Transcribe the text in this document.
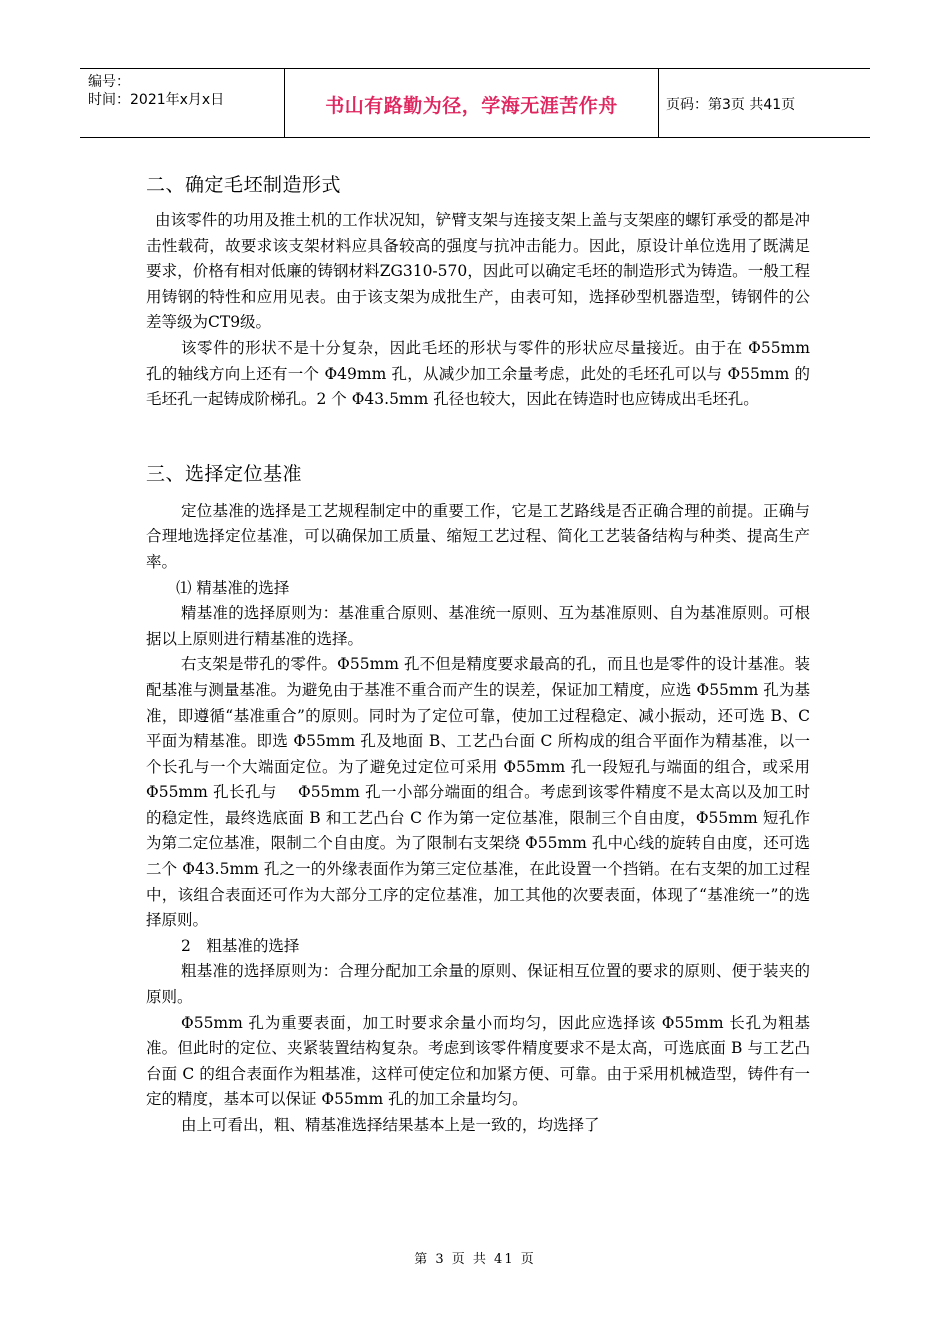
编号：
时间：2021年x月x日	书山有路勤为径，学海无涯苦作舟	页码：第3页 共41页
二、确定毛坯制造形式

由该零件的功用及推土机的工作状况知，铲臂支架与连接支架上盖与支架座的螺钉承受的都是冲击性载荷，故要求该支架材料应具备较高的强度与抗冲击能力。因此，原设计单位选用了既满足要求，价格有相对低廉的铸钢材料ZG310-570，因此可以确定毛坯的制造形式为铸造。一般工程用铸钢的特性和应用见表。由于该支架为成批生产，由表可知，选择砂型机器造型，铸钢件的公差等级为CT9级。

该零件的形状不是十分复杂，因此毛坯的形状与零件的形状应尽量接近。由于在 Φ55mm 孔的轴线方向上还有一个 Φ49mm 孔，从减少加工余量考虑，此处的毛坯孔可以与 Φ55mm 的毛坯孔一起铸成阶梯孔。2 个 Φ43.5mm 孔径也较大，因此在铸造时也应铸成出毛坯孔。

三、选择定位基准

定位基准的选择是工艺规程制定中的重要工作，它是工艺路线是否正确合理的前提。正确与合理地选择定位基准，可以确保加工质量、缩短工艺过程、简化工艺装备结构与种类、提高生产率。

⑴ 精基准的选择

精基准的选择原则为：基准重合原则、基准统一原则、互为基准原则、自为基准原则。可根据以上原则进行精基准的选择。

右支架是带孔的零件。Φ55mm 孔不但是精度要求最高的孔，而且也是零件的设计基准。装配基准与测量基准。为避免由于基准不重合而产生的误差，保证加工精度，应选 Φ55mm 孔为基准，即遵循“基准重合”的原则。同时为了定位可靠，使加工过程稳定、减小振动，还可选 B、C 平面为精基准。即选 Φ55mm 孔及地面 B、工艺凸台面 C 所构成的组合平面作为精基准，以一个长孔与一个大端面定位。为了避免过定位可采用 Φ55mm 孔一段短孔与端面的组合，或采用 Φ55mm 孔长孔与　 Φ55mm 孔一小部分端面的组合。考虑到该零件精度不是太高以及加工时的稳定性，最终选底面 B 和工艺凸台 C 作为第一定位基准，限制三个自由度，Φ55mm 短孔作为第二定位基准，限制二个自由度。为了限制右支架绕 Φ55mm 孔中心线的旋转自由度，还可选二个 Φ43.5mm 孔之一的外缘表面作为第三定位基准，在此设置一个挡销。在右支架的加工过程中，该组合表面还可作为大部分工序的定位基准，加工其他的次要表面，体现了“基准统一”的选择原则。

2　粗基准的选择

粗基准的选择原则为：合理分配加工余量的原则、保证相互位置的要求的原则、便于装夹的原则。

Φ55mm 孔为重要表面，加工时要求余量小而均匀，因此应选择该 Φ55mm 长孔为粗基准。但此时的定位、夹紧装置结构复杂。考虑到该零件精度要求不是太高，可选底面 B 与工艺凸台面 C 的组合表面作为粗基准，这样可使定位和加紧方便、可靠。由于采用机械造型，铸件有一定的精度，基本可以保证 Φ55mm 孔的加工余量均匀。

由上可看出，粗、精基准选择结果基本上是一致的，均选择了

第 3 页 共 41 页
